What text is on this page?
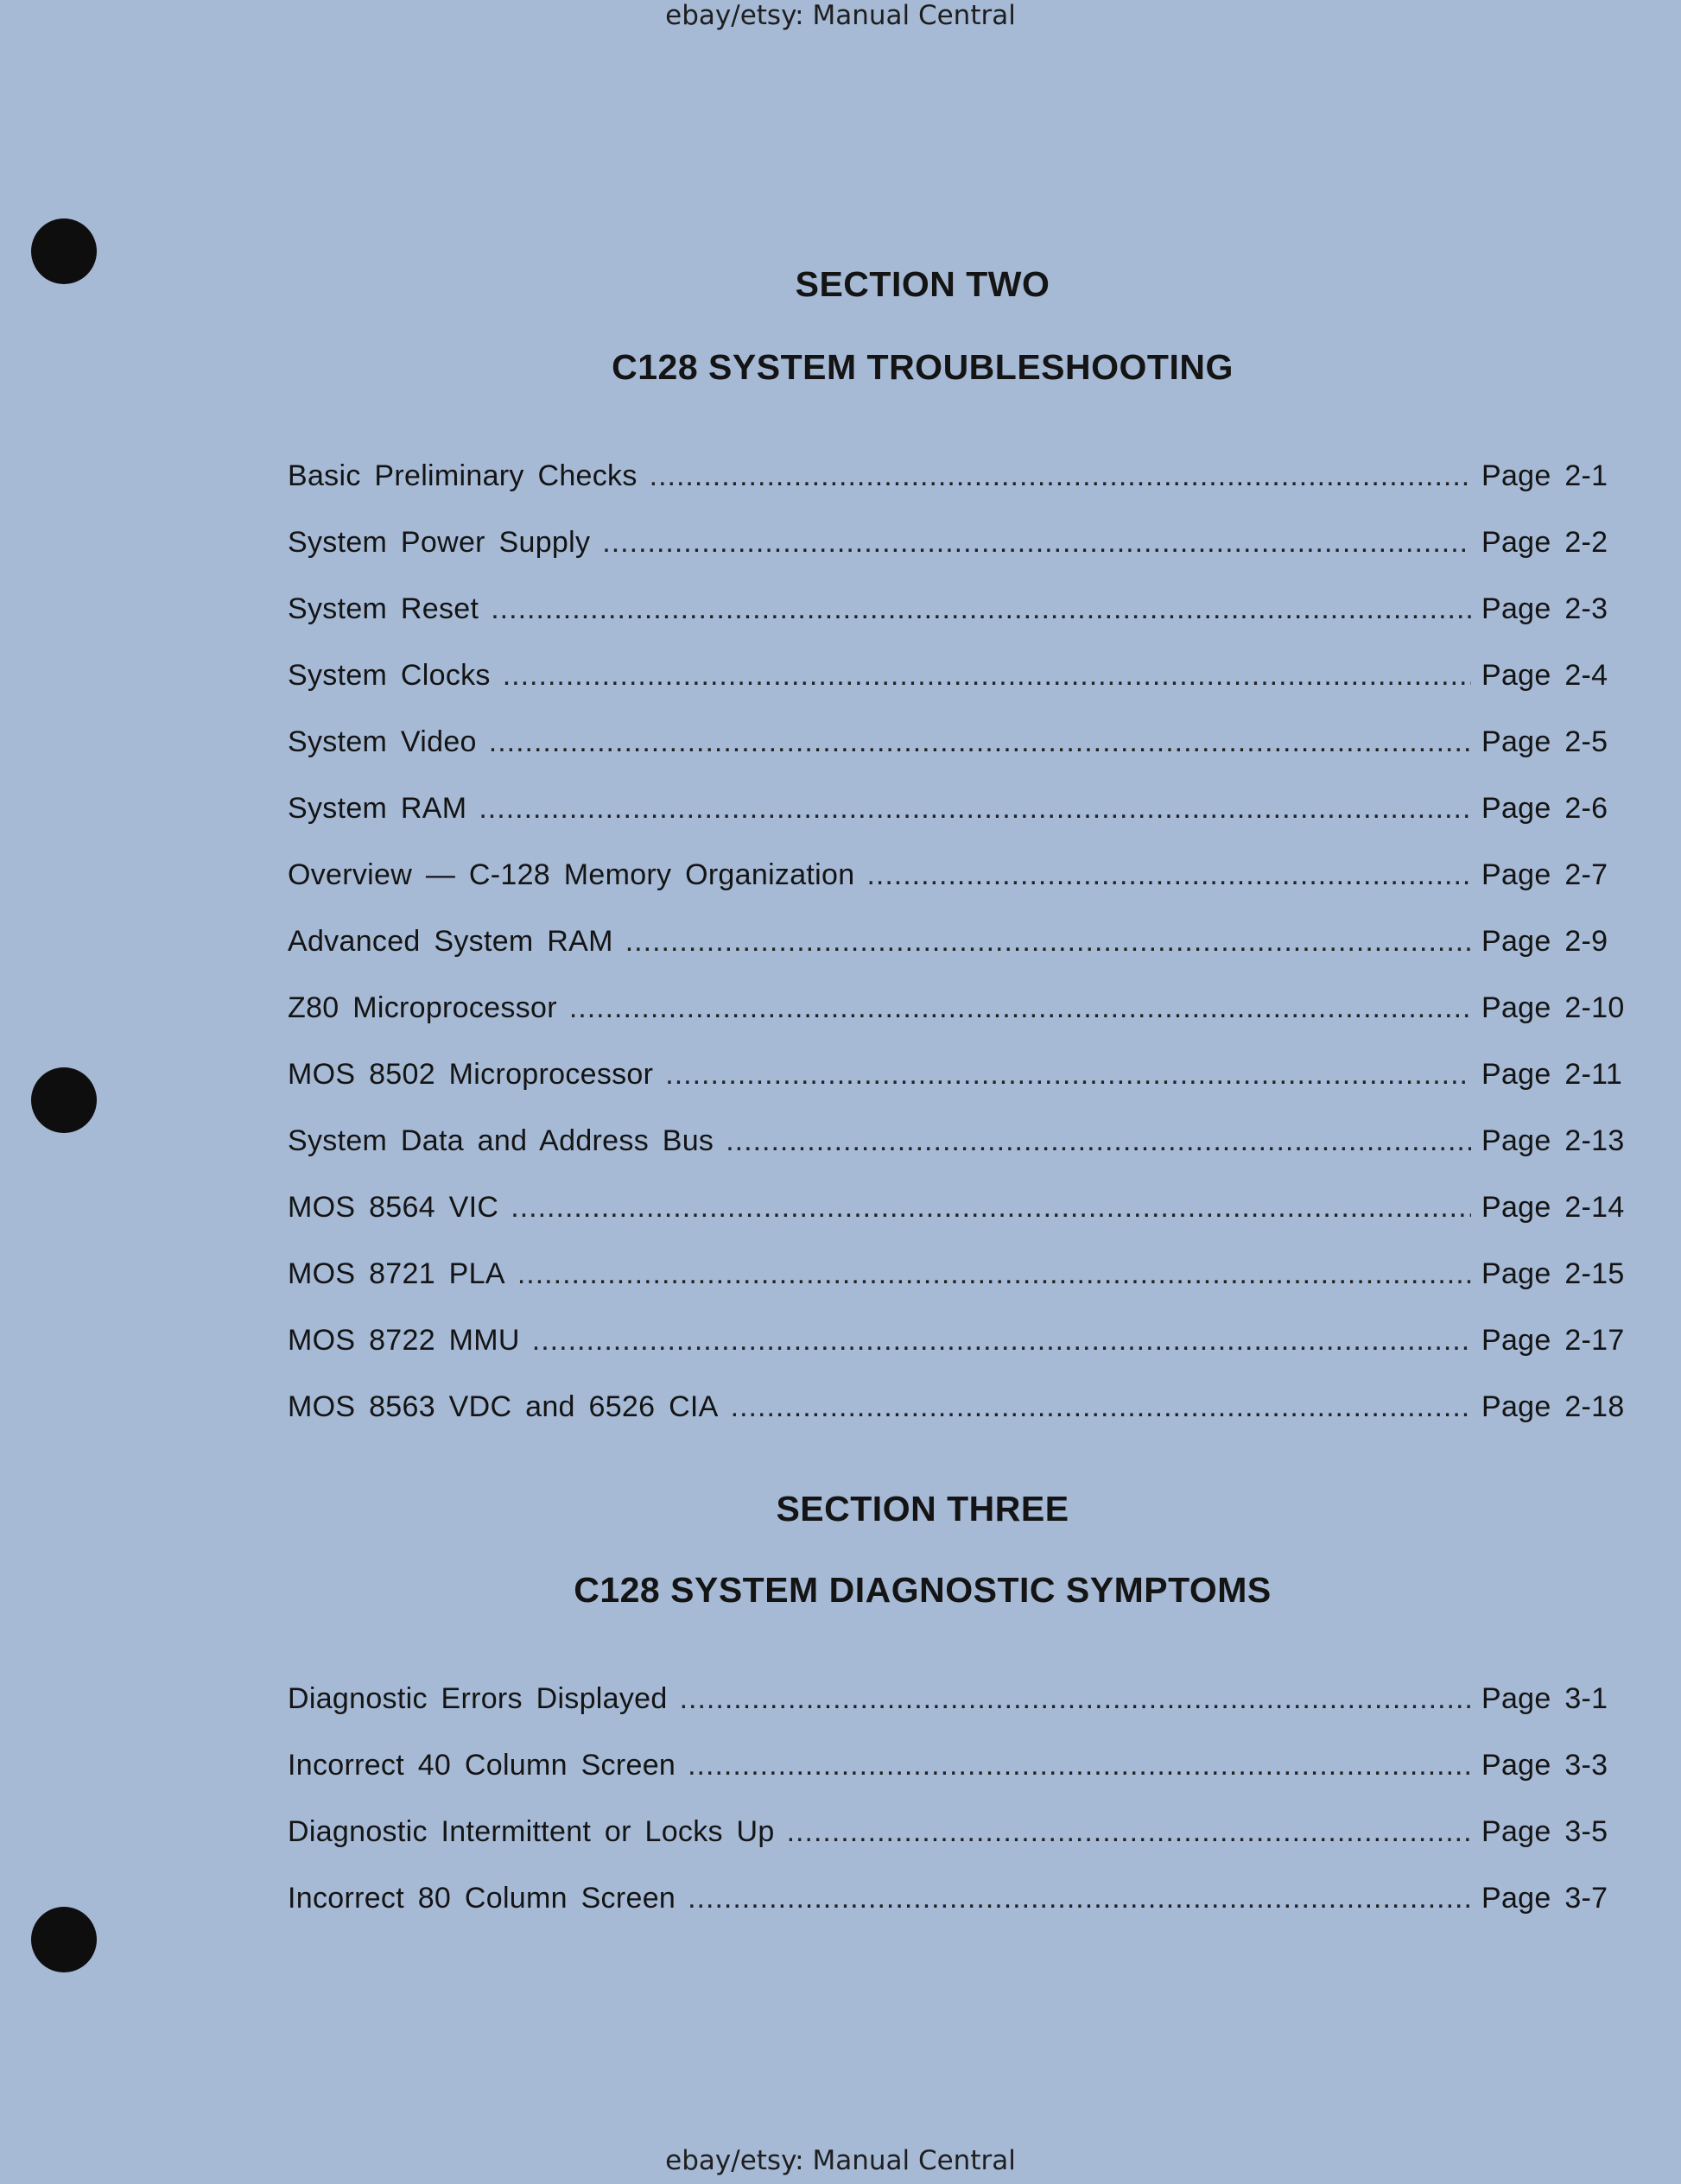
ebay/etsy: Manual Central
SECTION TWO
C128 SYSTEM TROUBLESHOOTING
Basic Preliminary Checks .....	Page 2-1
System Power Supply .....	Page 2-2
System Reset .....	Page 2-3
System Clocks .....	Page 2-4
System Video .....	Page 2-5
System RAM .....	Page 2-6
Overview — C-128 Memory Organization .....	Page 2-7
Advanced System RAM .....	Page 2-9
Z80 Microprocessor .....	Page 2-10
MOS 8502 Microprocessor .....	Page 2-11
System Data and Address Bus .....	Page 2-13
MOS 8564 VIC .....	Page 2-14
MOS 8721 PLA .....	Page 2-15
MOS 8722 MMU .....	Page 2-17
MOS 8563 VDC and 6526 CIA .....	Page 2-18
SECTION THREE
C128 SYSTEM DIAGNOSTIC SYMPTOMS
Diagnostic Errors Displayed .....	Page 3-1
Incorrect 40 Column Screen .....	Page 3-3
Diagnostic Intermittent or Locks Up .....	Page 3-5
Incorrect 80 Column Screen .....	Page 3-7
ebay/etsy: Manual Central
